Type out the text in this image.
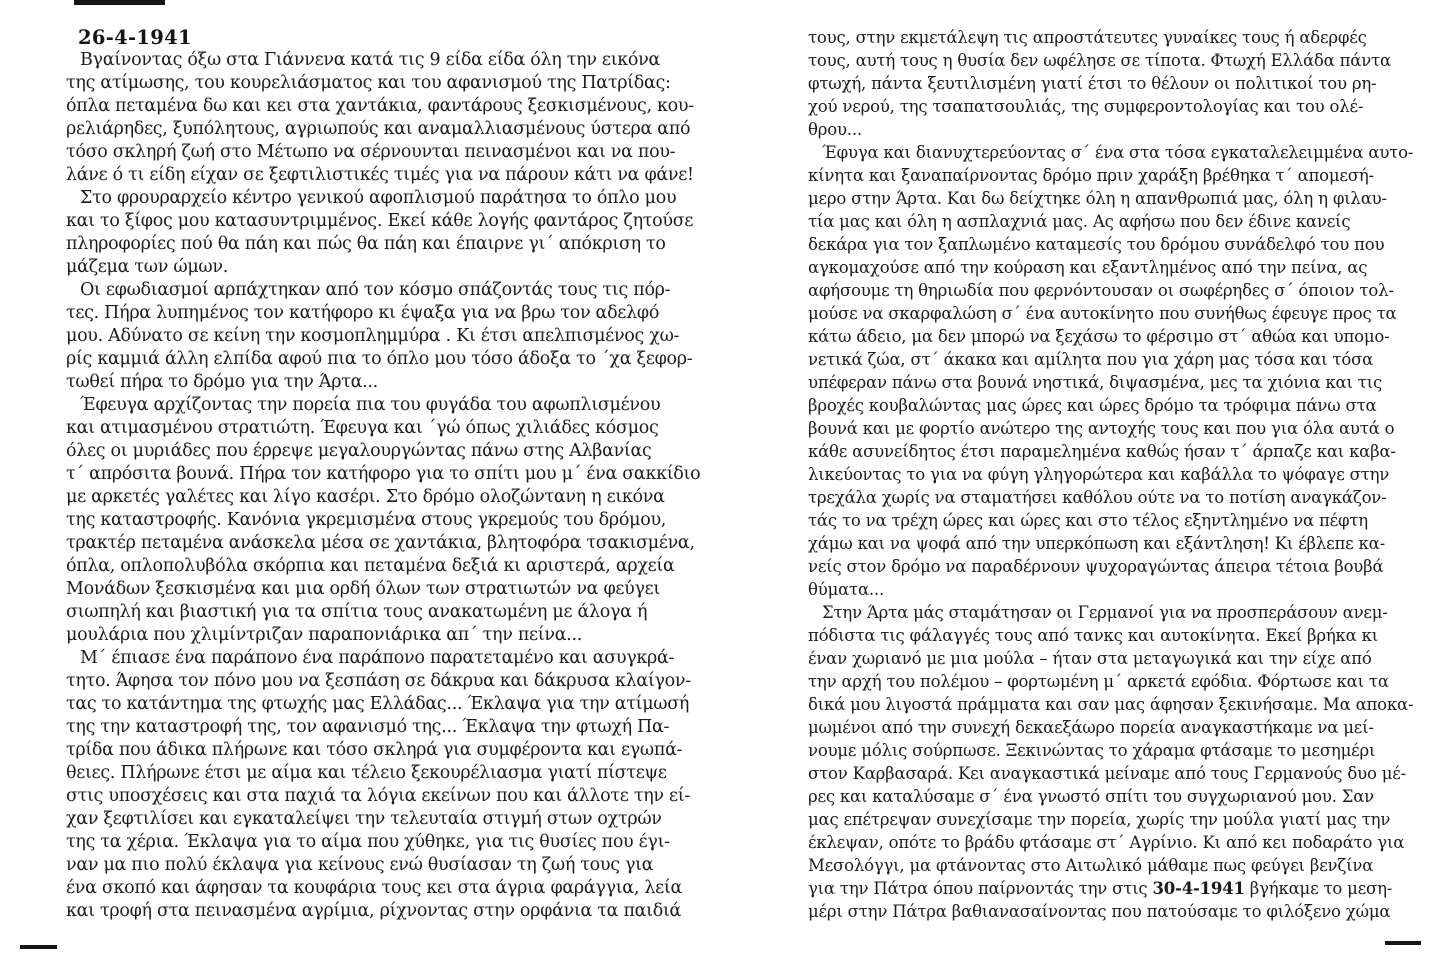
26-4-1941
Βγαίνοντας όξω στα Γιάννενα κατά τις 9 είδα είδα όλη την εικόνα
της ατίμωσης, του κουρελιάσματος και του αφανισμού της Πατρίδας:
όπλα πεταμένα δω και κει στα χαντάκια, φαντάρους ξεσκισμένους, κου-
ρελιάρηδες, ξυπόλητους, αγριωπούς και αναμαλλιασμένους ύστερα από
τόσο σκληρή ζωή στο Μέτωπο να σέρνουνται πεινασμένοι και να που-
λάνε ό τι είδη είχαν σε ξεφτιλιστικές τιμές για να πάρουν κάτι να φάνε!
Στο φρουραρχείο κέντρο γενικού αφοπλισμού παράτησα το όπλο μου
και το ξίφος μου κατασυντριμμένος. Εκεί κάθε λογής φαντάρος ζητούσε
πληροφορίες πού θα πάη και πώς θα πάη και έπαιρνε γι΄ απόκριση το
μάζεμα των ώμων.
Οι εφωδιασμοί αρπάχτηκαν από τον κόσμο σπάζοντάς τους τις πόρ-
τες. Πήρα λυπημένος τον κατήφορο κι έψαξα για να βρω τον αδελφό
μου. Αδύνατο σε κείνη την κοσμοπλημμύρα . Κι έτσι απελπισμένος χω-
ρίς καμμιά άλλη ελπίδα αφού πια το όπλο μου τόσο άδοξα το ΄χα ξεφορ-
τωθεί πήρα το δρόμο για την Άρτα...
Έφευγα αρχίζοντας την πορεία πια του φυγάδα του αφωπλισμένου
και ατιμασμένου στρατιώτη. Έφευγα και ΄γώ όπως χιλιάδες κόσμος
όλες οι μυριάδες που έρρεψε μεγαλουργώντας πάνω στης Αλβανίας
τ΄ απρόσιτα βουνά. Πήρα τον κατήφορο για το σπίτι μου μ΄ ένα σακκίδιο
με αρκετές γαλέτες και λίγο κασέρι. Στο δρόμο ολοζώντανη η εικόνα
της καταστροφής. Κανόνια γκρεμισμένα στους γκρεμούς του δρόμου,
τρακτέρ πεταμένα ανάσκελα μέσα σε χαντάκια, βλητοφόρα τσακισμένα,
όπλα, οπλοπολυβόλα σκόρπια και πεταμένα δεξιά κι αριστερά, αρχεία
Μονάδων ξεσκισμένα και μια ορδή όλων των στρατιωτών να φεύγει
σιωπηλή και βιαστική για τα σπίτια τους ανακατωμένη με άλογα ή
μουλάρια που χλιμίντριζαν παραπονιάρικα απ΄ την πείνα...
Μ΄ έπιασε ένα παράπονο ένα παράπονο παρατεταμένο και ασυγκρά-
τητο. Άφησα τον πόνο μου να ξεσπάση σε δάκρυα και δάκρυσα κλαίγον-
τας το κατάντημα της φτωχής μας Ελλάδας... Έκλαψα για την ατίμωσή
της την καταστροφή της, τον αφανισμό της... Έκλαψα την φτωχή Πα-
τρίδα που άδικα πλήρωνε και τόσο σκληρά για συμφέροντα και εγωπά-
θειες. Πλήρωνε έτσι με αίμα και τέλειο ξεκουρέλιασμα γιατί πίστεψε
στις υποσχέσεις και στα παχιά τα λόγια εκείνων που και άλλοτε την εί-
χαν ξεφτιλίσει και εγκαταλείψει την τελευταία στιγμή στων οχτρών
της τα χέρια. Έκλαψα για το αίμα που χύθηκε, για τις θυσίες που έγι-
ναν μα πιο πολύ έκλαψα για κείνους ενώ θυσίασαν τη ζωή τους για
ένα σκοπό και άφησαν τα κουφάρια τους κει στα άγρια φαράγγια, λεία
και τροφή στα πεινασμένα αγρίμια, ρίχνοντας στην ορφάνια τα παιδιά
τους, στην εκμετάλεψη τις απροστάτευτες γυναίκες τους ή αδερφές
τους, αυτή τους η θυσία δεν ωφέλησε σε τίποτα. Φτωχή Ελλάδα πάντα
φτωχή, πάντα ξευτιλισμένη γιατί έτσι το θέλουν οι πολιτικοί του ρη-
χού νερού, της τσαπατσουλιάς, της συμφεροντολογίας και του ολέ-
θρου...
Έφυγα και διανυχτερεύοντας σ΄ ένα στα τόσα εγκαταλελειμμένα αυτο-
κίνητα και ξαναπαίρνοντας δρόμο πριν χαράξη βρέθηκα τ΄ απομεσή-
μερο στην Άρτα. Και δω δείχτηκε όλη η απανθρωπιά μας, όλη η φιλαυ-
τία μας και όλη η ασπλαχνιά μας. Ας αφήσω που δεν έδινε κανείς
δεκάρα για τον ξαπλωμένο καταμεσίς του δρόμου συνάδελφό του που
αγκομαχούσε από την κούραση και εξαντλημένος από την πείνα, ας
αφήσουμε τη θηριωδία που φερνόντουσαν οι σωφέρηδες σ΄ όποιον τολ-
μούσε να σκαρφαλώση σ΄ ένα αυτοκίνητο που συνήθως έφευγε προς τα
κάτω άδειο, μα δεν μπορώ να ξεχάσω το φέρσιμο στ΄ αθώα και υπομο-
νετικά ζώα, στ΄ άκακα και αμίλητα που για χάρη μας τόσα και τόσα
υπέφεραν πάνω στα βουνά νηστικά, διψασμένα, μες τα χιόνια και τις
βροχές κουβαλώντας μας ώρες και ώρες δρόμο τα τρόφιμα πάνω στα
βουνά και με φορτίο ανώτερο της αντοχής τους και που για όλα αυτά ο
κάθε ασυνείδητος έτσι παραμελημένα καθώς ήσαν τ΄ άρπαζε και καβα-
λικεύοντας το για να φύγη γληγορώτερα και καβάλλα το ψόφαγε στην
τρεχάλα χωρίς να σταματήσει καθόλου ούτε να το ποτίση αναγκάζον-
τάς το να τρέχη ώρες και ώρες και στο τέλος εξηντλημένο να πέφτη
χάμω και να ψοφά από την υπερκόπωση και εξάντληση! Κι έβλεπε κα-
νείς στον δρόμο να παραδέρνουν ψυχοραγώντας άπειρα τέτοια βουβά
θύματα...
Στην Άρτα μάς σταμάτησαν οι Γερμανοί για να προσπεράσουν ανεμ-
πόδιστα τις φάλαγγές τους από τανκς και αυτοκίνητα. Εκεί βρήκα κι
έναν χωριανό με μια μούλα – ήταν στα μεταγωγικά και την είχε από
την αρχή του πολέμου – φορτωμένη μ΄ αρκετά εφόδια. Φόρτωσε και τα
δικά μου λιγοστά πράμματα και σαν μας άφησαν ξεκινήσαμε. Μα αποκα-
μωμένοι από την συνεχή δεκαεξάωρο πορεία αναγκαστήκαμε να μεί-
νουμε μόλις σούρπωσε. Ξεκινώντας το χάραμα φτάσαμε το μεσημέρι
στον Καρβασαρά. Κει αναγκαστικά μείναμε από τους Γερμανούς δυο μέ-
ρες και καταλύσαμε σ΄ ένα γνωστό σπίτι του συγχωριανού μου. Σαν
μας επέτρεψαν συνεχίσαμε την πορεία, χωρίς την μούλα γιατί μας την
έκλεψαν, οπότε το βράδυ φτάσαμε στ΄ Αγρίνιο. Κι από κει ποδαράτο για
Μεσολόγγι, μα φτάνοντας στο Αιτωλικό μάθαμε πως φεύγει βενζίνα
για την Πάτρα όπου παίρνοντάς την στις 30-4-1941 βγήκαμε το μεση-
μέρι στην Πάτρα βαθιανασαίνοντας που πατούσαμε το φιλόξενο χώμα
